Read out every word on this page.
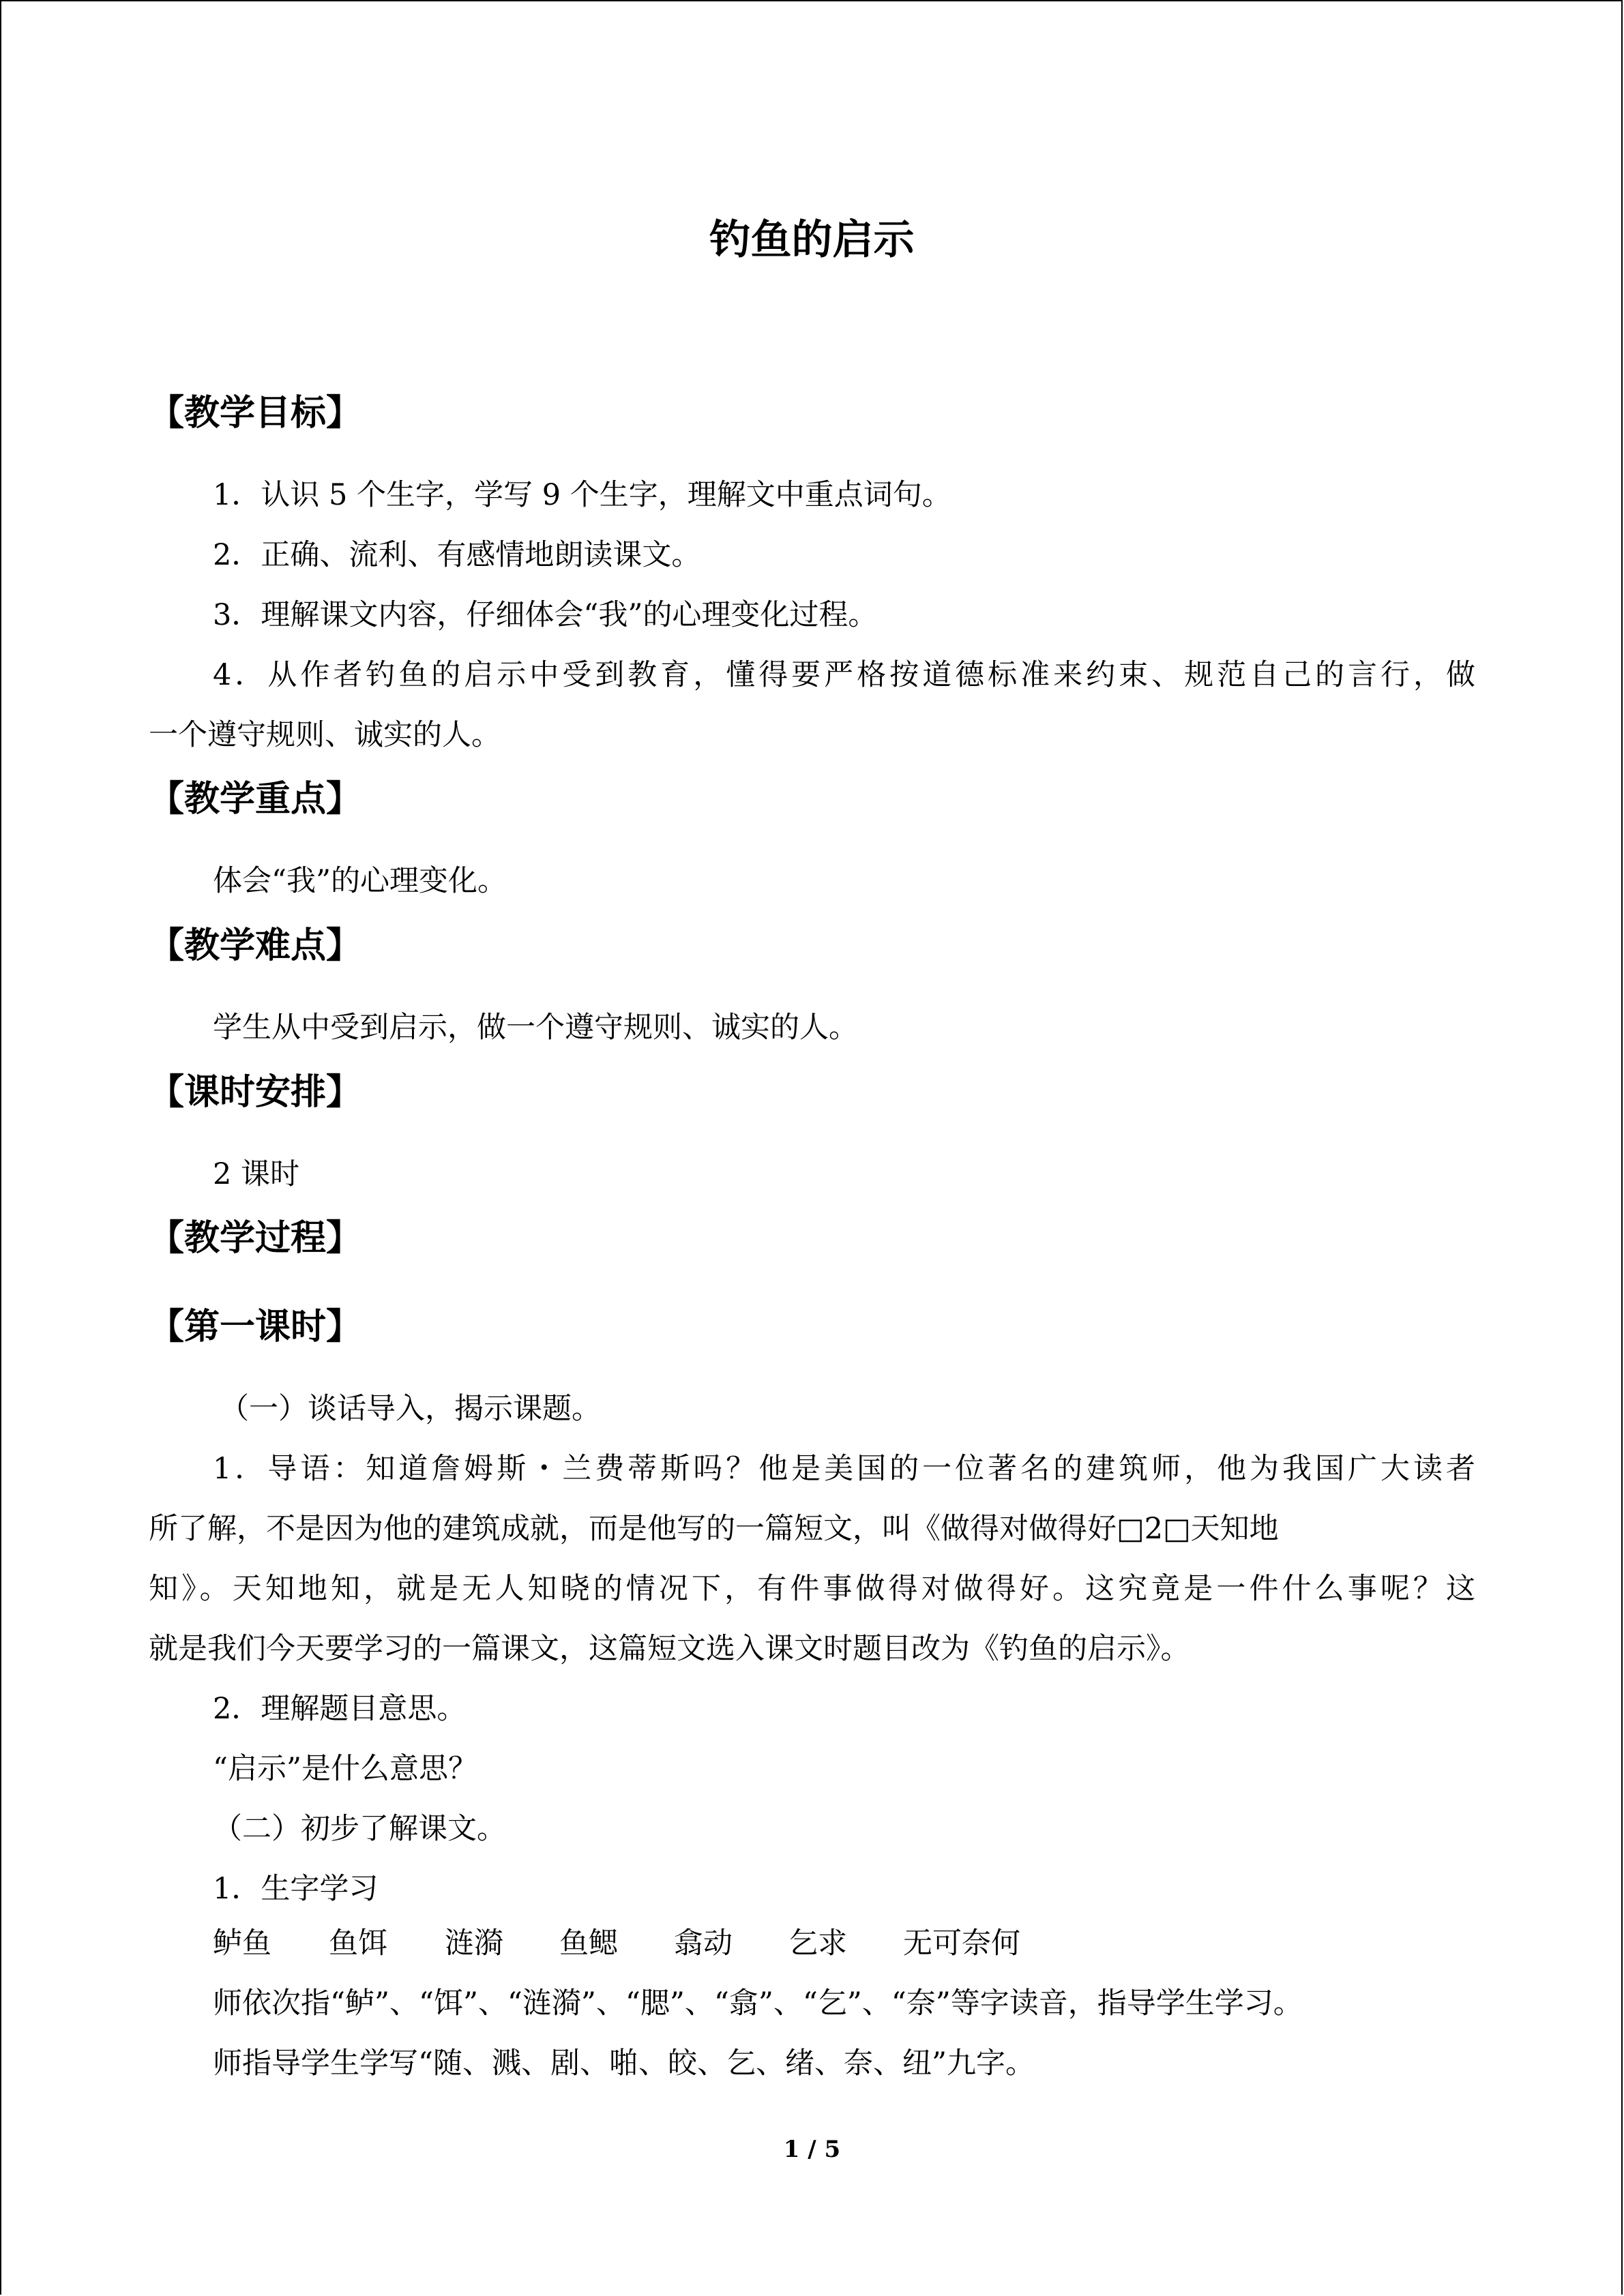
钓鱼的启示
【教学目标】

1．认识 5 个生字，学写 9 个生字，理解文中重点词句。

2．正确、流利、有感情地朗读课文。

3．理解课文内容，仔细体会“我”的心理变化过程。

4．从作者钓鱼的启示中受到教育，懂得要严格按道德标准来约束、规范自己的言行，做

一个遵守规则、诚实的人。

【教学重点】

体会“我”的心理变化。

【教学难点】

学生从中受到启示，做一个遵守规则、诚实的人。

【课时安排】

2 课时

【教学过程】
【第一课时】

（一）谈话导入，揭示课题。

1．导语：知道詹姆斯・兰费蒂斯吗？他是美国的一位著名的建筑师，他为我国广大读者

所了解，不是因为他的建筑成就，而是他写的一篇短文，叫《做得对做得好□2□天知地

知》。天知地知，就是无人知晓的情况下，有件事做得对做得好。这究竟是一件什么事呢？这

就是我们今天要学习的一篇课文，这篇短文选入课文时题目改为《钓鱼的启示》。

2．理解题目意思。

“启示”是什么意思？

（二）初步了解课文。

1．生字学习

鲈鱼 鱼饵 涟漪 鱼鳃 翕动 乞求 无可奈何

师依次指“鲈”、“饵”、“涟漪”、“腮”、“翕”、“乞”、“奈”等字读音，指导学生学习。

师指导学生学写“随、溅、剧、啪、皎、乞、绪、奈、纽”九字。

1 / 5
